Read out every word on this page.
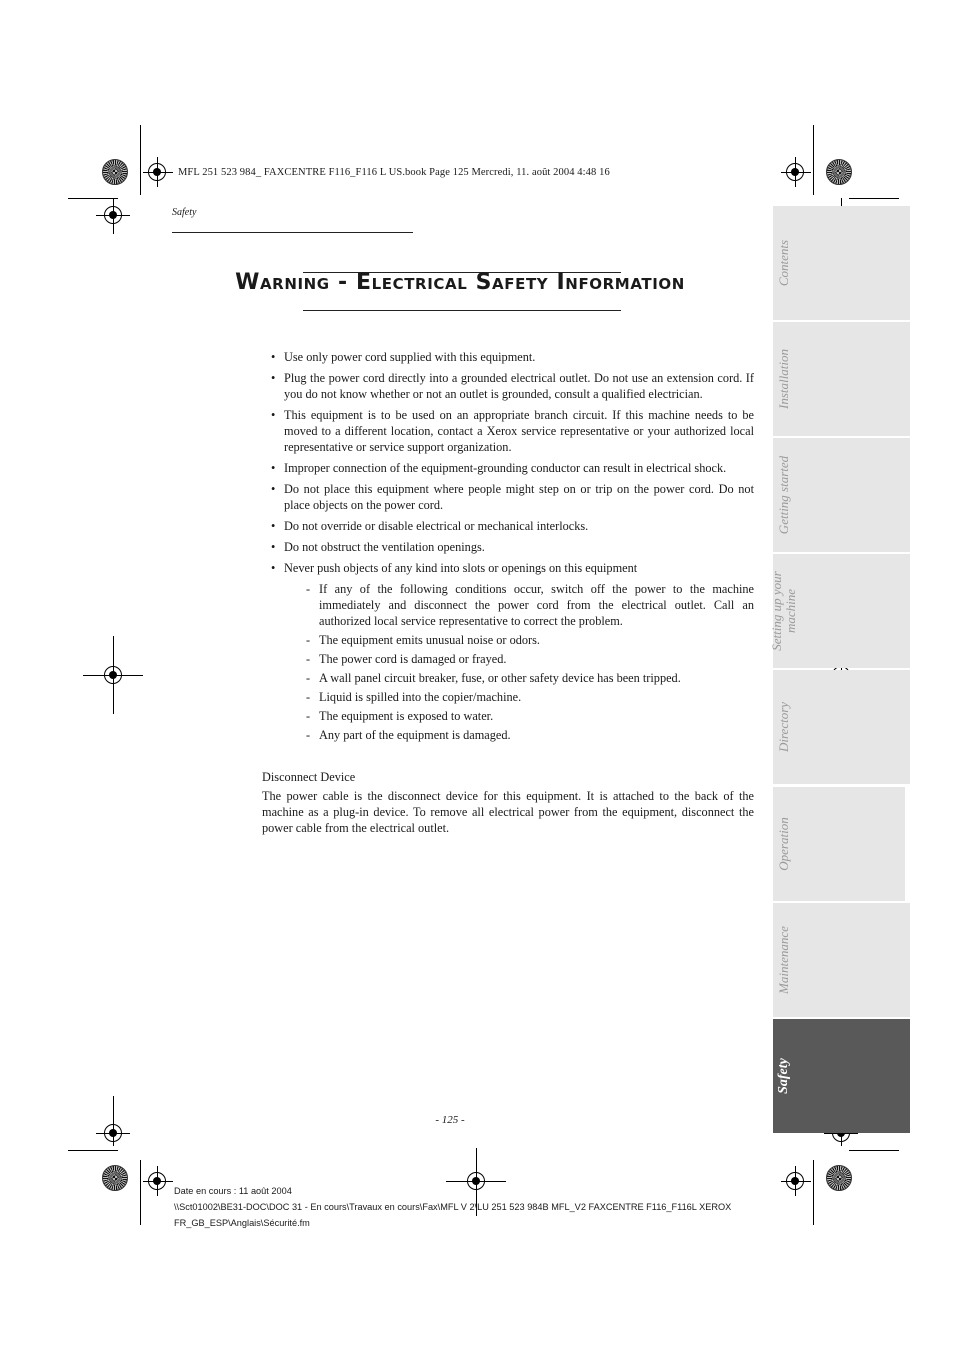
MFL 251 523 984_ FAXCENTRE F116_F116 L US.book Page 125 Mercredi, 11. août 2004 4:48 16
Safety
Warning - Electrical Safety Information
• Use only power cord supplied with this equipment.
• Plug the power cord directly into a grounded electrical outlet. Do not use an extension cord. If you do not know whether or not an outlet is grounded, consult a qualified electrician.
• This equipment is to be used on an appropriate branch circuit. If this machine needs to be moved to a different location, contact a Xerox service representative or your authorized local representative or service support organization.
• Improper connection of the equipment-grounding conductor can result in electrical shock.
• Do not place this equipment where people might step on or trip on the power cord. Do not place objects on the power cord.
• Do not override or disable electrical or mechanical interlocks.
• Do not obstruct the ventilation openings.
• Never push objects of any kind into slots or openings on this equipment
- If any of the following conditions occur, switch off the power to the machine immediately and disconnect the power cord from the electrical outlet. Call an authorized local service representative to correct the problem.
- The equipment emits unusual noise or odors.
- The power cord is damaged or frayed.
- A wall panel circuit breaker, fuse, or other safety device has been tripped.
- Liquid is spilled into the copier/machine.
- The equipment is exposed to water.
- Any part of the equipment is damaged.
Disconnect Device
The power cable is the disconnect device for this equipment. It is attached to the back of the machine as a plug-in device. To remove all electrical power from the equipment, disconnect the power cable from the electrical outlet.
- 125 -
Date en cours : 11 août 2004
\\Sct01002\BE31-DOC\DOC 31 - En cours\Travaux en cours\Fax\MFL V 2\LU 251 523 984B MFL_V2 FAXCENTRE F116_F116L XEROX
FR_GB_ESP\Anglais\Sécurité.fm
Contents
Installation
Getting started
Setting up your machine
Directory
Operation
Maintenance
Safety
